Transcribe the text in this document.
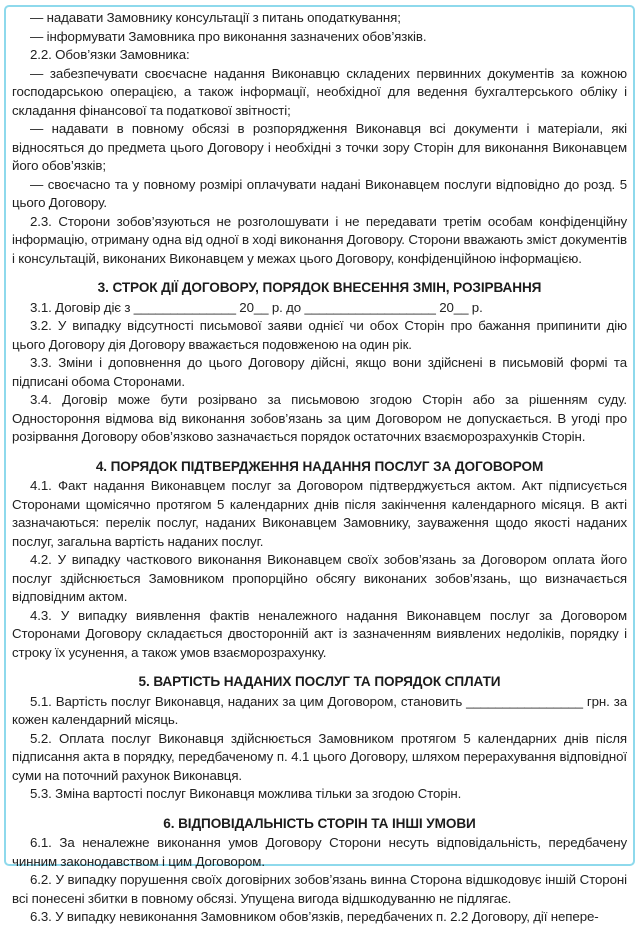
— надавати Замовнику консультації з питань оподаткування;

— інформувати Замовника про виконання зазначених обов’язків.

2.2. Обов’язки Замовника:

— забезпечувати своєчасне надання Виконавцю складених первинних документів за кожною господарською операцією, а також інформації, необхідної для ведення бухгалтерського обліку і складання фінансової та податкової звітності;

— надавати в повному обсязі в розпорядження Виконавця всі документи і матеріали, які відносяться до предмета цього Договору і необхідні з точки зору Сторін для виконання Виконавцем його обов’язків;

— своєчасно та у повному розмірі оплачувати надані Виконавцем послуги відповідно до розд. 5 цього Договору.

2.3. Сторони зобов’язуються не розголошувати і не передавати третім особам конфіденційну інформацію, отриману одна від одної в ході виконання Договору. Сторони вважають зміст документів і консультацій, виконаних Виконавцем у межах цього Договору, конфіденційною інформацією.

3. СТРОК ДІЇ ДОГОВОРУ, ПОРЯДОК ВНЕСЕННЯ ЗМІН, РОЗІРВАННЯ

3.1. Договір діє з ______________ 20__ р. до __________________ 20__ р.

3.2. У випадку відсутності письмової заяви однієї чи обох Сторін про бажання припинити дію цього Договору дія Договору вважається подовженою на один рік.

3.3. Зміни і доповнення до цього Договору дійсні, якщо вони здійснені в письмовій формі та підписані обома Сторонами.

3.4. Договір може бути розірвано за письмовою згодою Сторін або за рішенням суду. Одностороння відмова від виконання зобов’язань за цим Договором не допускається. В угоді про розірвання Договору обов’язково зазначається порядок остаточних взаєморозрахунків Сторін.

4. ПОРЯДОК ПІДТВЕРДЖЕННЯ НАДАННЯ ПОСЛУГ ЗА ДОГОВОРОМ

4.1. Факт надання Виконавцем послуг за Договором підтверджується актом. Акт підписується Сторонами щомісячно протягом 5 календарних днів після закінчення календарного місяця. В акті зазначаються: перелік послуг, наданих Виконавцем Замовнику, зауваження щодо якості наданих послуг, загальна вартість наданих послуг.

4.2. У випадку часткового виконання Виконавцем своїх зобов’язань за Договором оплата його послуг здійснюється Замовником пропорційно обсягу виконаних зобов’язань, що визначається відповідним актом.

4.3. У випадку виявлення фактів неналежного надання Виконавцем послуг за Договором Сторонами Договору складається двосторонній акт із зазначенням виявлених недоліків, порядку і строку їх усунення, а також умов взаєморозрахунку.

5. ВАРТІСТЬ НАДАНИХ ПОСЛУГ ТА ПОРЯДОК СПЛАТИ

5.1. Вартість послуг Виконавця, наданих за цим Договором, становить ________________ грн. за кожен календарний місяць.

5.2. Оплата послуг Виконавця здійснюється Замовником протягом 5 календарних днів після підписання акта в порядку, передбаченому п. 4.1 цього Договору, шляхом перерахування відповідної суми на поточний рахунок Виконавця.

5.3. Зміна вартості послуг Виконавця можлива тільки за згодою Сторін.

6. ВІДПОВІДАЛЬНІСТЬ СТОРІН ТА ІНШІ УМОВИ

6.1. За неналежне виконання умов Договору Сторони несуть відповідальність, передбачену чинним законодавством і цим Договором.

6.2. У випадку порушення своїх договірних зобов’язань винна Сторона відшкодовує іншій Стороні всі понесені збитки в повному обсязі. Упущена вигода відшкодуванню не підлягає.

6.3. У випадку невиконання Замовником обов’язків, передбачених п. 2.2 Договору, дії непере-
